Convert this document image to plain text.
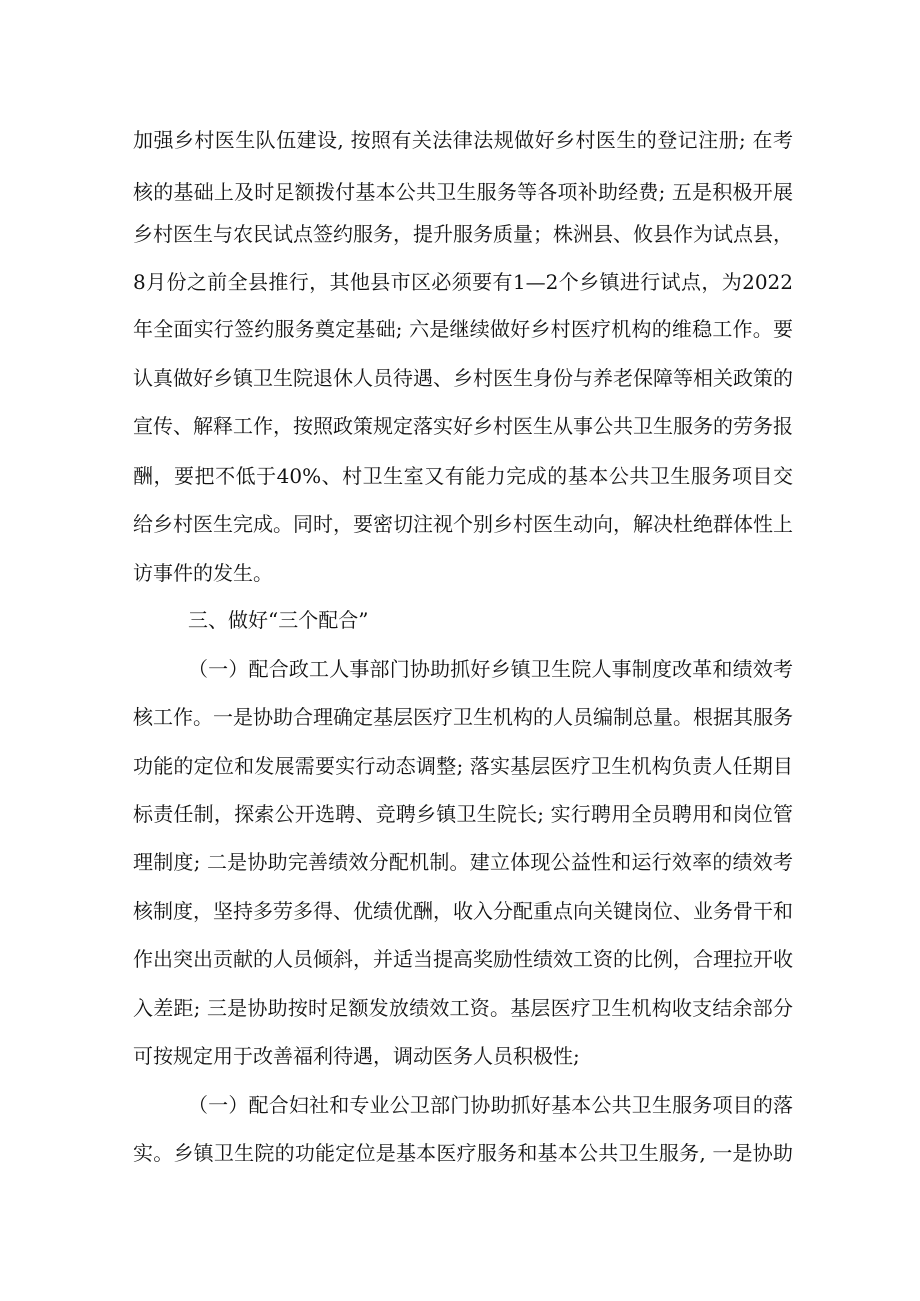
加强乡村医生队伍建设, 按照有关法律法规做好乡村医生的登记注册; 在考
核的基础上及时足额拨付基本公共卫生服务等各项补助经费; 五是积极开展
乡村医生与农民试点签约服务，提升服务质量；株洲县、攸县作为试点县，
8月份之前全县推行，其他县市区必须要有1—2个乡镇进行试点，为2022
年全面实行签约服务奠定基础; 六是继续做好乡村医疗机构的维稳工作。要
认真做好乡镇卫生院退休人员待遇、乡村医生身份与养老保障等相关政策的
宣传、解释工作，按照政策规定落实好乡村医生从事公共卫生服务的劳务报
酬，要把不低于40%、村卫生室又有能力完成的基本公共卫生服务项目交
给乡村医生完成。同时，要密切注视个别乡村医生动向，解决杜绝群体性上
访事件的发生。
三、做好“三个配合”
（一）配合政工人事部门协助抓好乡镇卫生院人事制度改革和绩效考
核工作。一是协助合理确定基层医疗卫生机构的人员编制总量。根据其服务
功能的定位和发展需要实行动态调整; 落实基层医疗卫生机构负责人任期目
标责任制，探索公开选聘、竞聘乡镇卫生院长; 实行聘用全员聘用和岗位管
理制度; 二是协助完善绩效分配机制。建立体现公益性和运行效率的绩效考
核制度，坚持多劳多得、优绩优酬，收入分配重点向关键岗位、业务骨干和
作出突出贡献的人员倾斜，并适当提高奖励性绩效工资的比例，合理拉开收
入差距; 三是协助按时足额发放绩效工资。基层医疗卫生机构收支结余部分
可按规定用于改善福利待遇，调动医务人员积极性;
（一）配合妇社和专业公卫部门协助抓好基本公共卫生服务项目的落
实。乡镇卫生院的功能定位是基本医疗服务和基本公共卫生服务, 一是协助
